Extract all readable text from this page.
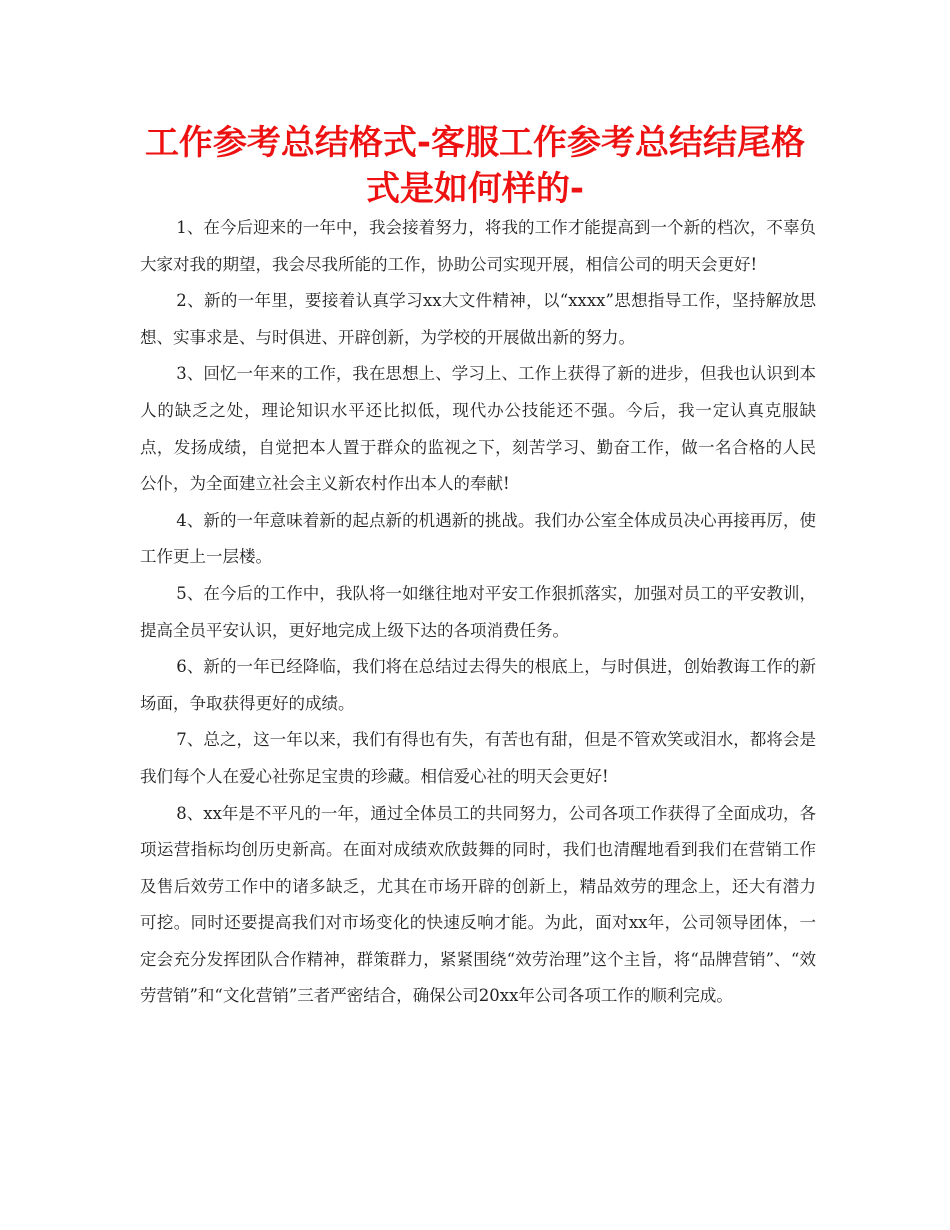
工作参考总结格式-客服工作参考总结结尾格式是如何样的-

1、在今后迎来的一年中，我会接着努力，将我的工作才能提高到一个新的档次，不辜负大家对我的期望，我会尽我所能的工作，协助公司实现开展，相信公司的明天会更好!

2、新的一年里，要接着认真学习xx大文件精神，以“xxxx”思想指导工作，坚持解放思想、实事求是、与时俱进、开辟创新，为学校的开展做出新的努力。

3、回忆一年来的工作，我在思想上、学习上、工作上获得了新的进步，但我也认识到本人的缺乏之处，理论知识水平还比拟低，现代办公技能还不强。今后，我一定认真克服缺点，发扬成绩，自觉把本人置于群众的监视之下，刻苦学习、勤奋工作，做一名合格的人民公仆，为全面建立社会主义新农村作出本人的奉献!

4、新的一年意味着新的起点新的机遇新的挑战。我们办公室全体成员决心再接再厉，使工作更上一层楼。

5、在今后的工作中，我队将一如继往地对平安工作狠抓落实，加强对员工的平安教训，提高全员平安认识，更好地完成上级下达的各项消费任务。

6、新的一年已经降临，我们将在总结过去得失的根底上，与时俱进，创始教诲工作的新场面，争取获得更好的成绩。

7、总之，这一年以来，我们有得也有失，有苦也有甜，但是不管欢笑或泪水，都将会是我们每个人在爱心社弥足宝贵的珍藏。相信爱心社的明天会更好!

8、xx年是不平凡的一年，通过全体员工的共同努力，公司各项工作获得了全面成功，各项运营指标均创历史新高。在面对成绩欢欣鼓舞的同时，我们也清醒地看到我们在营销工作及售后效劳工作中的诸多缺乏，尤其在市场开辟的创新上，精品效劳的理念上，还大有潜力可挖。同时还要提高我们对市场变化的快速反响才能。为此，面对xx年，公司领导团体，一定会充分发挥团队合作精神，群策群力，紧紧围绕“效劳治理”这个主旨，将“品牌营销”、“效劳营销”和“文化营销”三者严密结合，确保公司20xx年公司各项工作的顺利完成。
